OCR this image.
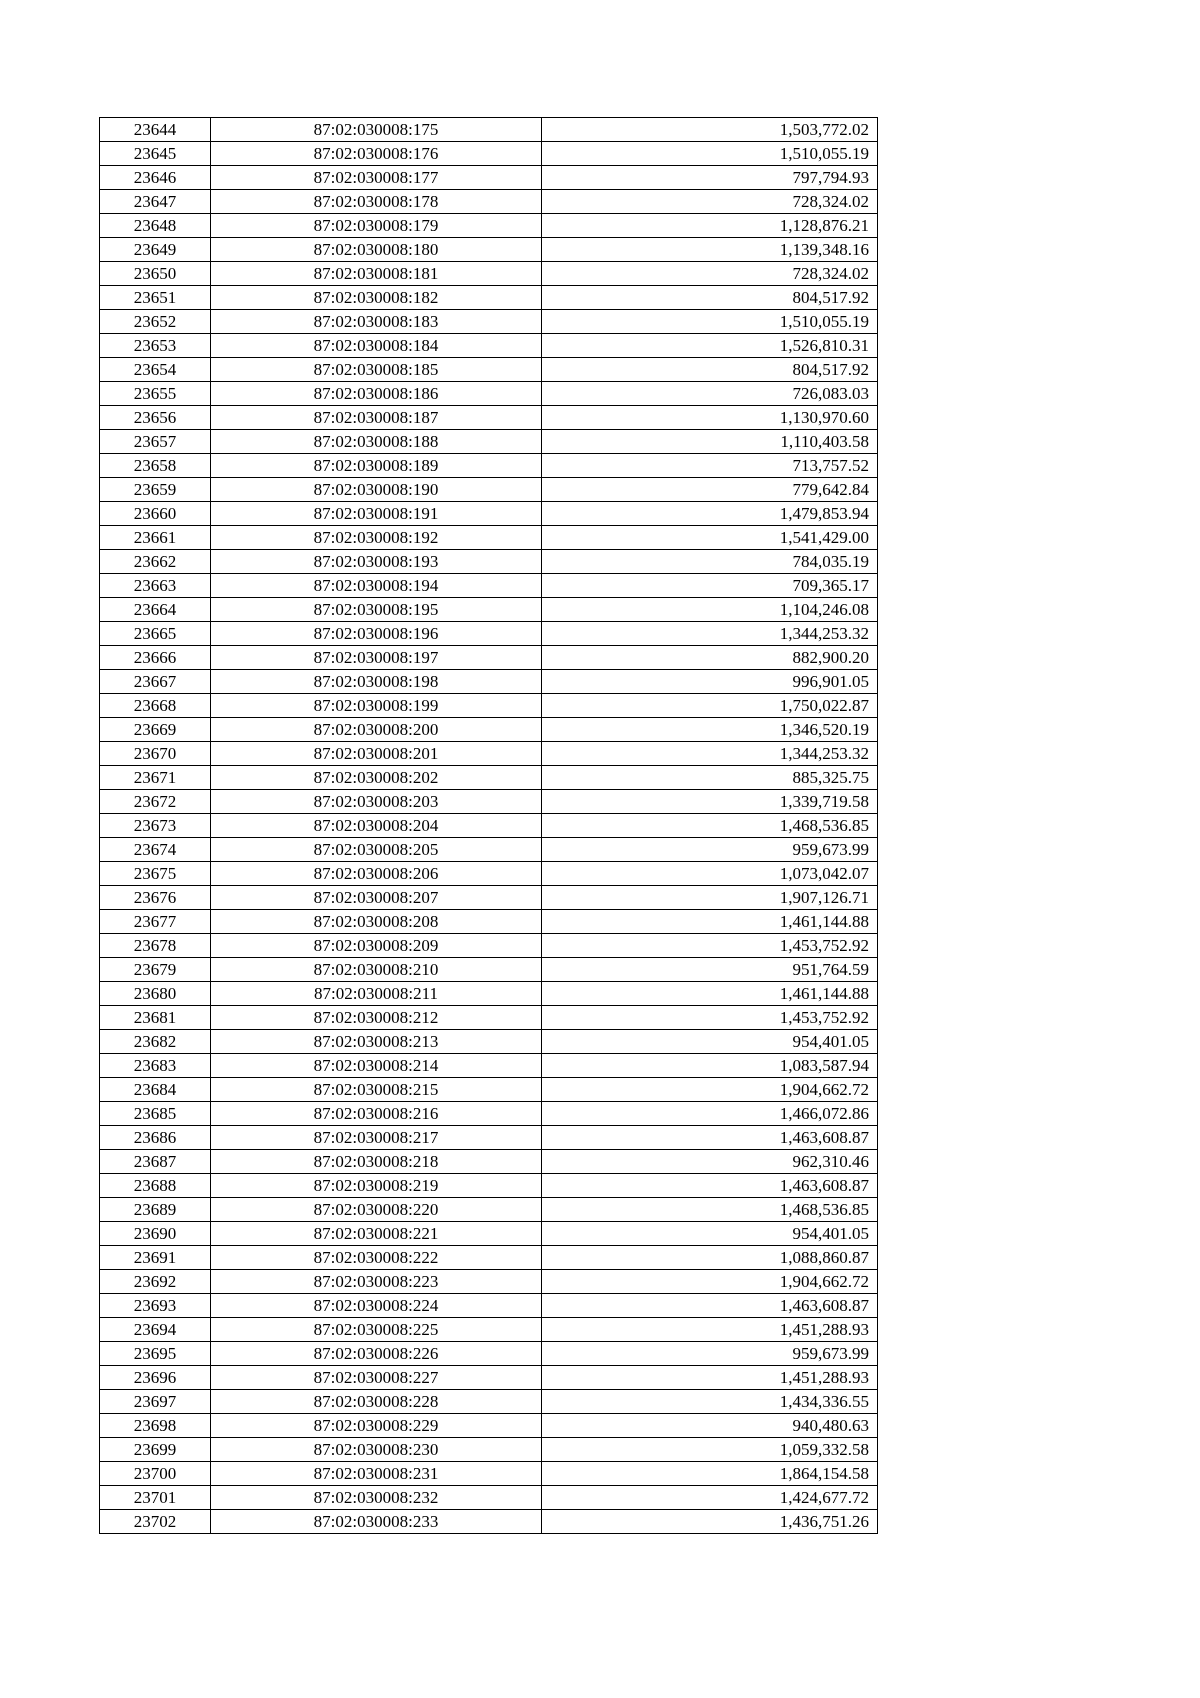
23644	87:02:030008:175	1,503,772.02
23645	87:02:030008:176	1,510,055.19
23646	87:02:030008:177	797,794.93
23647	87:02:030008:178	728,324.02
23648	87:02:030008:179	1,128,876.21
23649	87:02:030008:180	1,139,348.16
23650	87:02:030008:181	728,324.02
23651	87:02:030008:182	804,517.92
23652	87:02:030008:183	1,510,055.19
23653	87:02:030008:184	1,526,810.31
23654	87:02:030008:185	804,517.92
23655	87:02:030008:186	726,083.03
23656	87:02:030008:187	1,130,970.60
23657	87:02:030008:188	1,110,403.58
23658	87:02:030008:189	713,757.52
23659	87:02:030008:190	779,642.84
23660	87:02:030008:191	1,479,853.94
23661	87:02:030008:192	1,541,429.00
23662	87:02:030008:193	784,035.19
23663	87:02:030008:194	709,365.17
23664	87:02:030008:195	1,104,246.08
23665	87:02:030008:196	1,344,253.32
23666	87:02:030008:197	882,900.20
23667	87:02:030008:198	996,901.05
23668	87:02:030008:199	1,750,022.87
23669	87:02:030008:200	1,346,520.19
23670	87:02:030008:201	1,344,253.32
23671	87:02:030008:202	885,325.75
23672	87:02:030008:203	1,339,719.58
23673	87:02:030008:204	1,468,536.85
23674	87:02:030008:205	959,673.99
23675	87:02:030008:206	1,073,042.07
23676	87:02:030008:207	1,907,126.71
23677	87:02:030008:208	1,461,144.88
23678	87:02:030008:209	1,453,752.92
23679	87:02:030008:210	951,764.59
23680	87:02:030008:211	1,461,144.88
23681	87:02:030008:212	1,453,752.92
23682	87:02:030008:213	954,401.05
23683	87:02:030008:214	1,083,587.94
23684	87:02:030008:215	1,904,662.72
23685	87:02:030008:216	1,466,072.86
23686	87:02:030008:217	1,463,608.87
23687	87:02:030008:218	962,310.46
23688	87:02:030008:219	1,463,608.87
23689	87:02:030008:220	1,468,536.85
23690	87:02:030008:221	954,401.05
23691	87:02:030008:222	1,088,860.87
23692	87:02:030008:223	1,904,662.72
23693	87:02:030008:224	1,463,608.87
23694	87:02:030008:225	1,451,288.93
23695	87:02:030008:226	959,673.99
23696	87:02:030008:227	1,451,288.93
23697	87:02:030008:228	1,434,336.55
23698	87:02:030008:229	940,480.63
23699	87:02:030008:230	1,059,332.58
23700	87:02:030008:231	1,864,154.58
23701	87:02:030008:232	1,424,677.72
23702	87:02:030008:233	1,436,751.26
